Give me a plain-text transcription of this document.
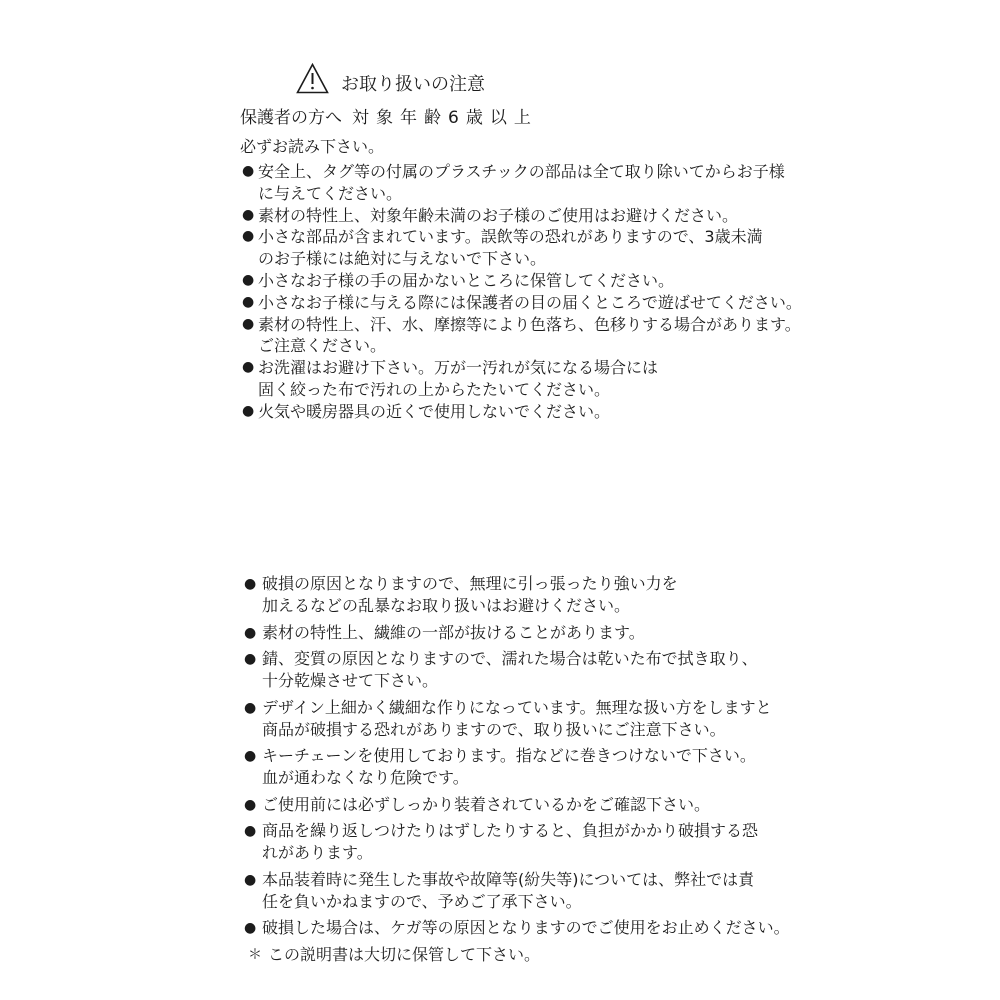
お取り扱いの注意
保護者の方へ 対象年齢6歳以上
必ずお読み下さい。
● 安全上、タグ等の付属のプラスチックの部品は全て取り除いてからお子様
に与えてください。
● 素材の特性上、対象年齢未満のお子様のご使用はお避けください。
● 小さな部品が含まれています。誤飲等の恐れがありますので、3歳未満
のお子様には絶対に与えないで下さい。
● 小さなお子様の手の届かないところに保管してください。
● 小さなお子様に与える際には保護者の目の届くところで遊ばせてください。
● 素材の特性上、汗、水、摩擦等により色落ち、色移りする場合があります。
ご注意ください。
● お洗濯はお避け下さい。万が一汚れが気になる場合には
固く絞った布で汚れの上からたたいてください。
● 火気や暖房器具の近くで使用しないでください。
● 破損の原因となりますので、無理に引っ張ったり強い力を
加えるなどの乱暴なお取り扱いはお避けください。
● 素材の特性上、繊維の一部が抜けることがあります。
● 錆、変質の原因となりますので、濡れた場合は乾いた布で拭き取り、
十分乾燥させて下さい。
● デザイン上細かく繊細な作りになっています。無理な扱い方をしますと
商品が破損する恐れがありますので、取り扱いにご注意下さい。
● キーチェーンを使用しております。指などに巻きつけないで下さい。
血が通わなくなり危険です。
● ご使用前には必ずしっかり装着されているかをご確認下さい。
● 商品を繰り返しつけたりはずしたりすると、負担がかかり破損する恐
れがあります。
● 本品装着時に発生した事故や故障等(紛失等)については、弊社では責
任を負いかねますので、予めご了承下さい。
● 破損した場合は、ケガ等の原因となりますのでご使用をお止めください。
＊ この説明書は大切に保管して下さい。
